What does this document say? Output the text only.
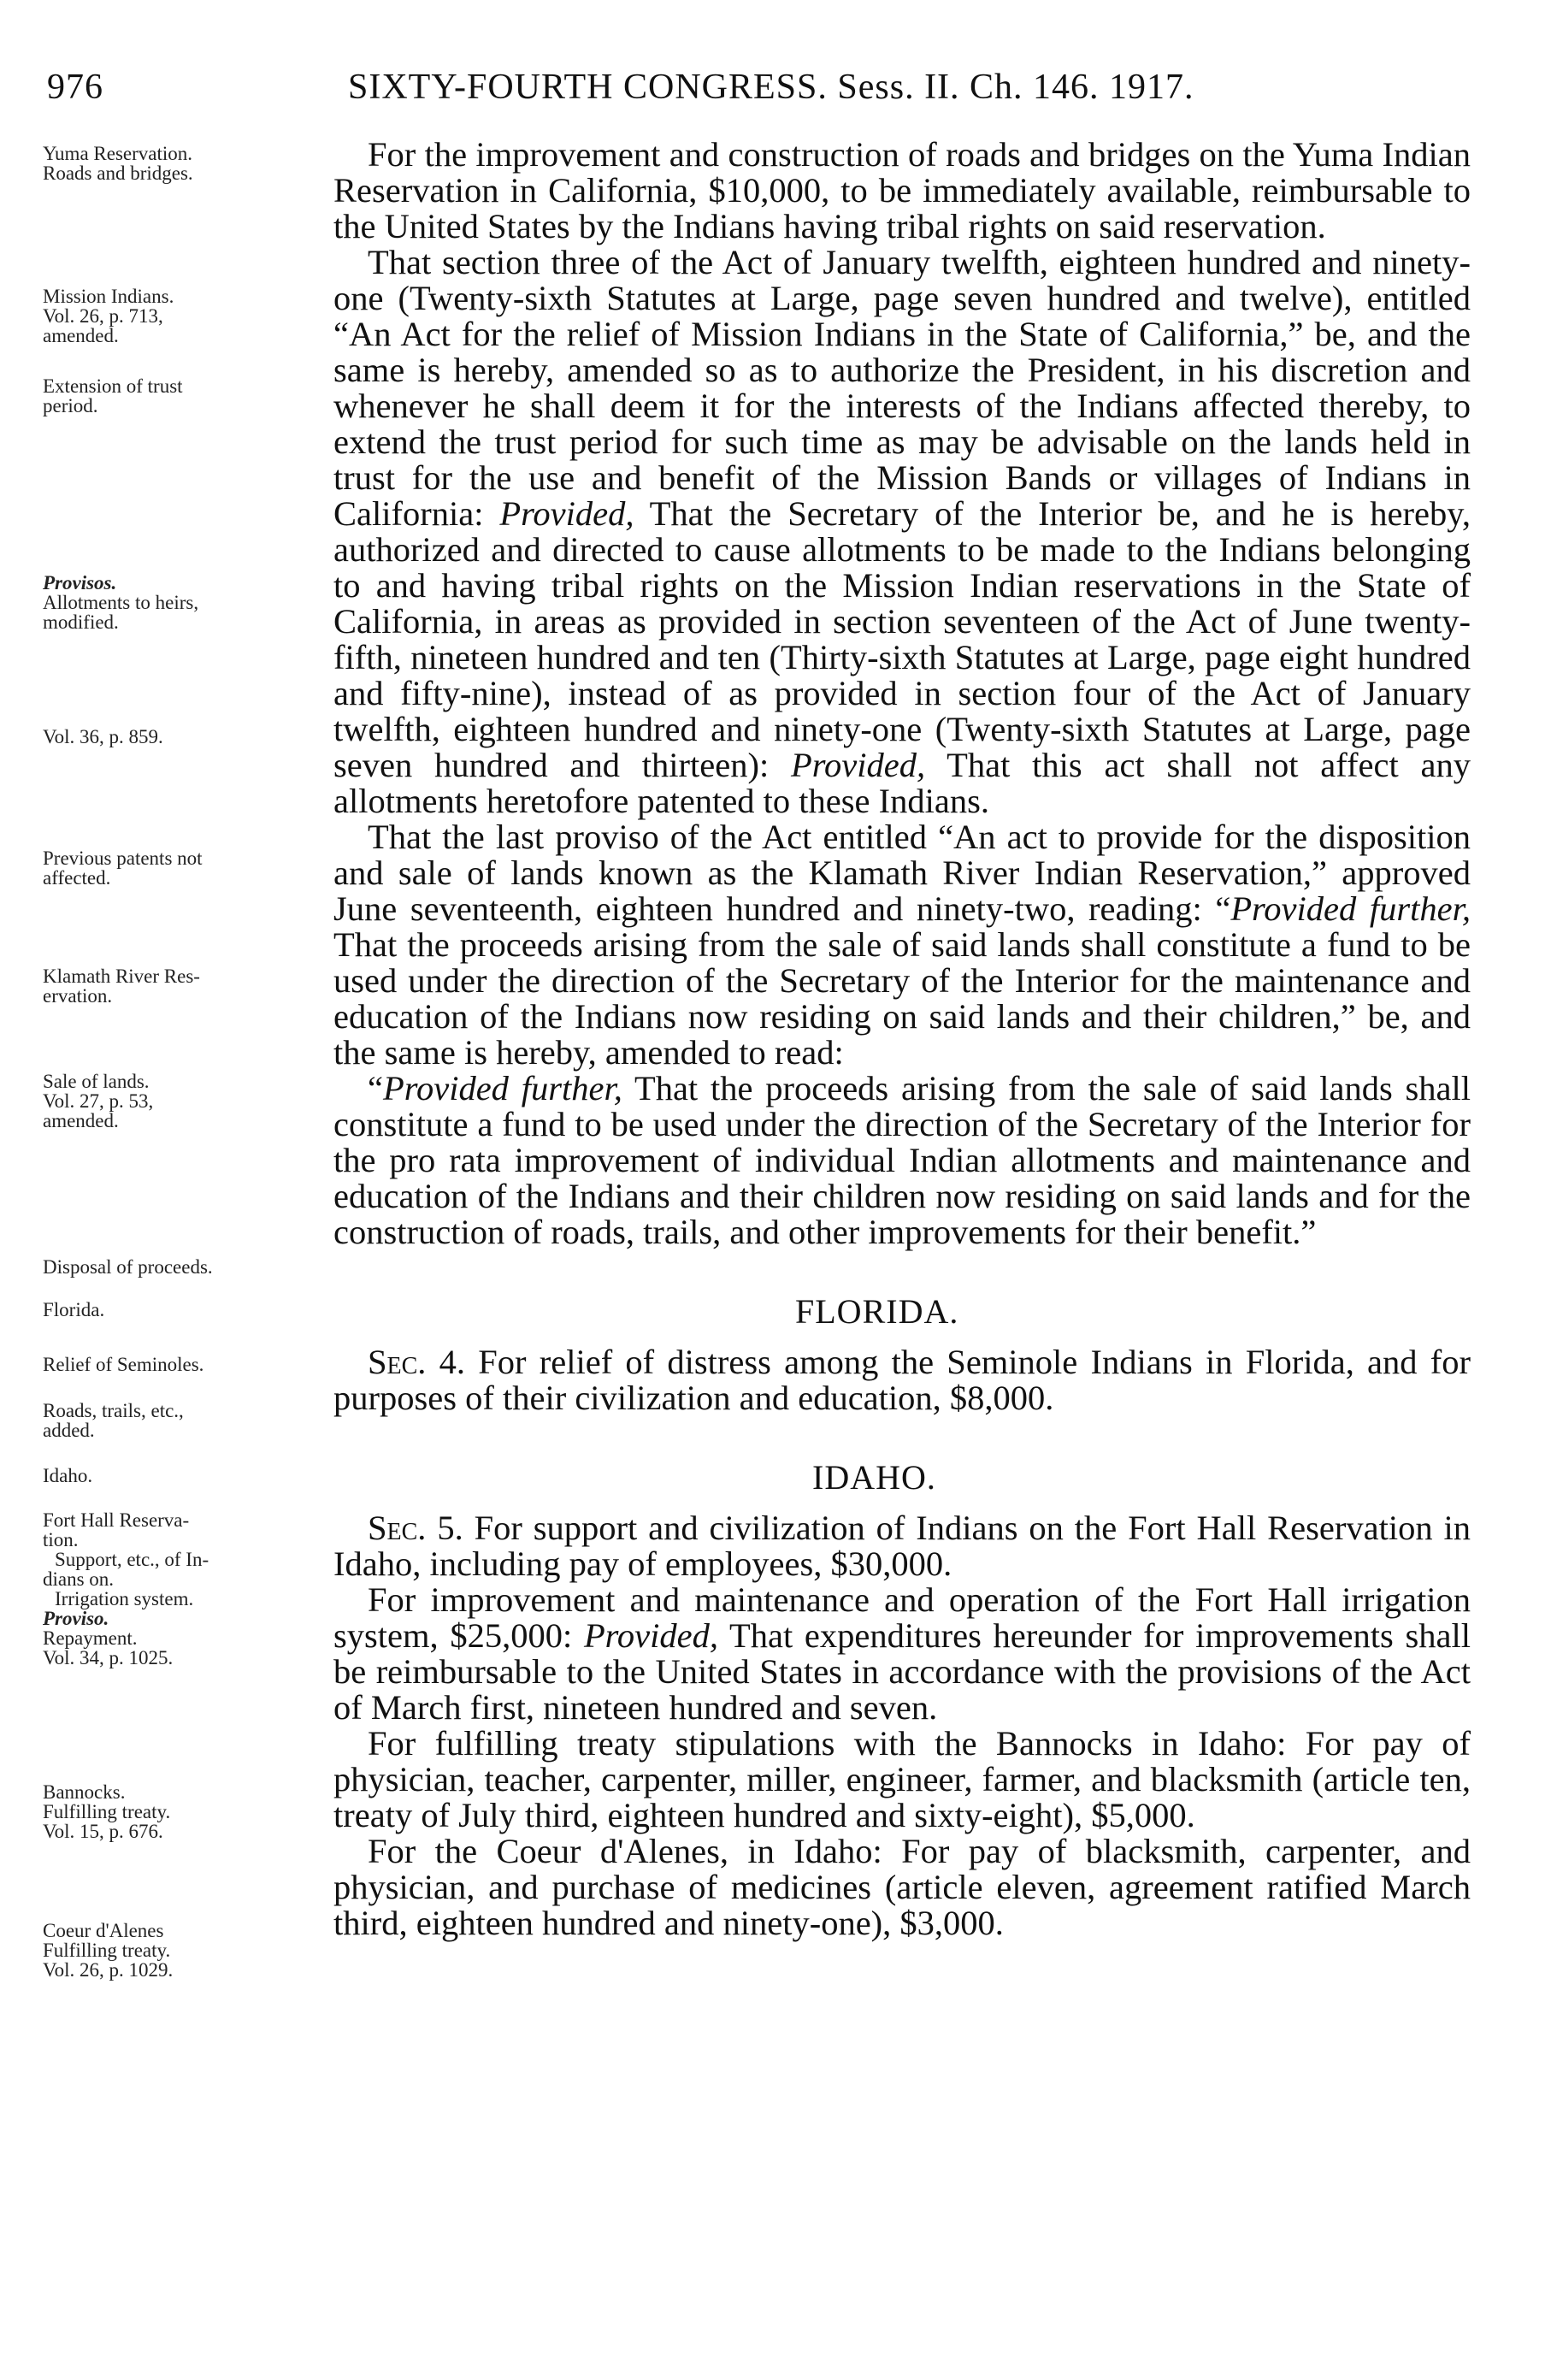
976	SIXTY-FOURTH CONGRESS. Sess. II. Ch. 146. 1917.
Yuma Reservation.
Roads and bridges.
Mission Indians.
Vol. 26, p. 713,
amended.
Extension of trust
period.
Provisos.
Allotments to heirs,
modified.
Vol. 36, p. 859.
Previous patents not
affected.
Klamath River Res-
ervation.
Sale of lands.
Vol. 27, p. 53,
amended.
Disposal of proceeds.
Roads, trails, etc.,
added.

For the improvement and construction of roads and bridges on the Yuma Indian Reservation in California, $10,000, to be immediately available, reimbursable to the United States by the Indians having tribal rights on said reservation.

That section three of the Act of January twelfth, eighteen hundred and ninety-one (Twenty-sixth Statutes at Large, page seven hundred and twelve), entitled “An Act for the relief of Mission Indians in the State of California,” be, and the same is hereby, amended so as to authorize the President, in his discretion and whenever he shall deem it for the interests of the Indians affected thereby, to extend the trust period for such time as may be advisable on the lands held in trust for the use and benefit of the Mission Bands or villages of Indians in California: Provided, That the Secretary of the Interior be, and he is hereby, authorized and directed to cause allotments to be made to the Indians belonging to and having tribal rights on the Mission Indian reservations in the State of California, in areas as provided in section seventeen of the Act of June twenty-fifth, nineteen hundred and ten (Thirty-sixth Statutes at Large, page eight hundred and fifty-nine), instead of as provided in section four of the Act of January twelfth, eighteen hundred and ninety-one (Twenty-sixth Statutes at Large, page seven hundred and thirteen): Provided, That this act shall not affect any allotments heretofore patented to these Indians.

That the last proviso of the Act entitled “An act to provide for the disposition and sale of lands known as the Klamath River Indian Reservation,” approved June seventeenth, eighteen hundred and ninety-two, reading: “Provided further, That the proceeds arising from the sale of said lands shall constitute a fund to be used under the direction of the Secretary of the Interior for the maintenance and education of the Indians now residing on said lands and their children,” be, and the same is hereby, amended to read:

“Provided further, That the proceeds arising from the sale of said lands shall constitute a fund to be used under the direction of the Secretary of the Interior for the pro rata improvement of individual Indian allotments and maintenance and education of the Indians and their children now residing on said lands and for the construction of roads, trails, and other improvements for their benefit.”

Florida.	FLORIDA.
Relief of Seminoles.	Sec. 4. For relief of distress among the Seminole Indians in Florida, and for purposes of their civilization and education, $8,000.

Idaho.	IDAHO.
Fort Hall Reserva-
tion.
Support, etc., of In-
dians on.
Irrigation system.
Proviso.
Repayment.
Vol. 34, p. 1025.
Bannocks.
Fulfilling treaty.
Vol. 15, p. 676.
Coeur d'Alenes
Fulfilling treaty.
Vol. 26, p. 1029.

Sec. 5. For support and civilization of Indians on the Fort Hall Reservation in Idaho, including pay of employees, $30,000.

For improvement and maintenance and operation of the Fort Hall irrigation system, $25,000: Provided, That expenditures hereunder for improvements shall be reimbursable to the United States in accordance with the provisions of the Act of March first, nineteen hundred and seven.

For fulfilling treaty stipulations with the Bannocks in Idaho: For pay of physician, teacher, carpenter, miller, engineer, farmer, and blacksmith (article ten, treaty of July third, eighteen hundred and sixty-eight), $5,000.

For the Coeur d'Alenes, in Idaho: For pay of blacksmith, carpenter, and physician, and purchase of medicines (article eleven, agreement ratified March third, eighteen hundred and ninety-one), $3,000.
